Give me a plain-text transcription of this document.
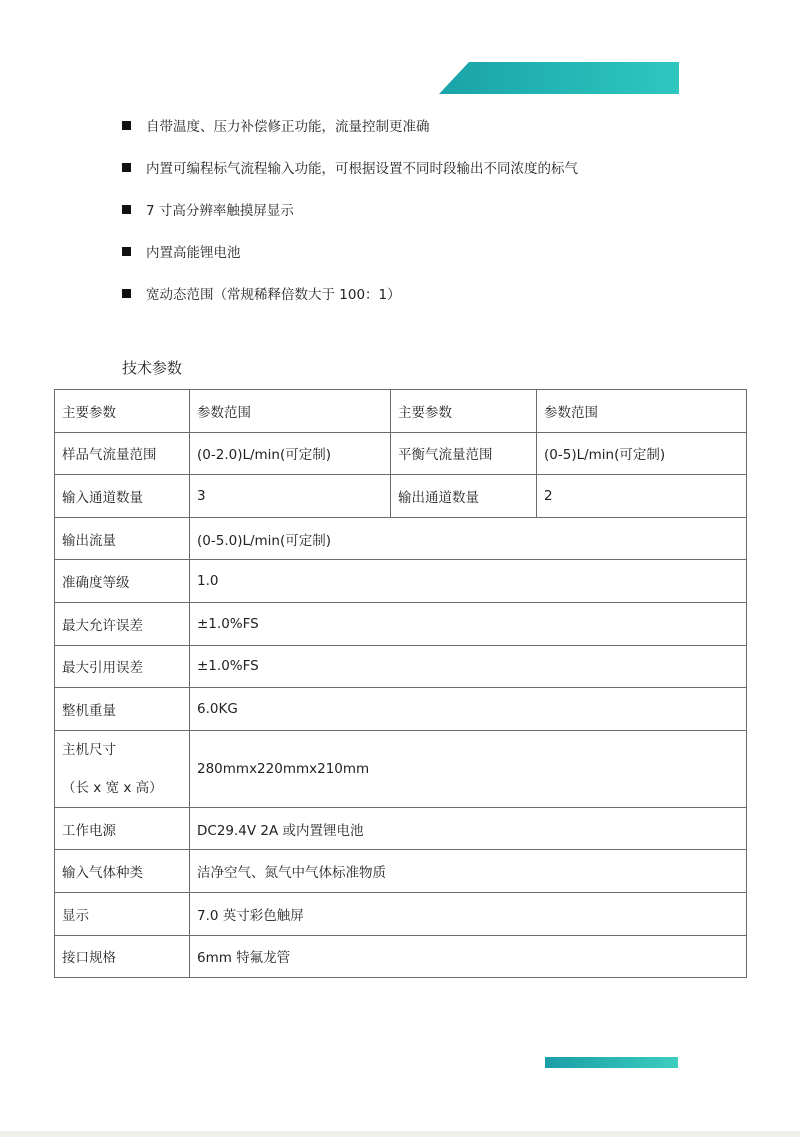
自带温度、压力补偿修正功能，流量控制更准确
内置可编程标气流程输入功能，可根据设置不同时段输出不同浓度的标气
7 寸高分辨率触摸屏显示
内置高能锂电池
宽动态范围（常规稀释倍数大于 100：1）
技术参数
主要参数	参数范围	主要参数	参数范围
样品气流量范围	(0-2.0)L/min(可定制)	平衡气流量范围	(0-5)L/min(可定制)
输入通道数量	3	输出通道数量	2
输出流量	(0-5.0)L/min(可定制)		
准确度等级	1.0		
最大允许误差	±1.0%FS		
最大引用误差	±1.0%FS		
整机重量	6.0KG		

主机尺寸
（长 x 宽 x 高）	280mmx220mmx210mm		
工作电源	DC29.4V 2A 或内置锂电池		
输入气体种类	洁净空气、氮气中气体标准物质		
显示	7.0 英寸彩色触屏		
接口规格	6mm 特氟龙管		
